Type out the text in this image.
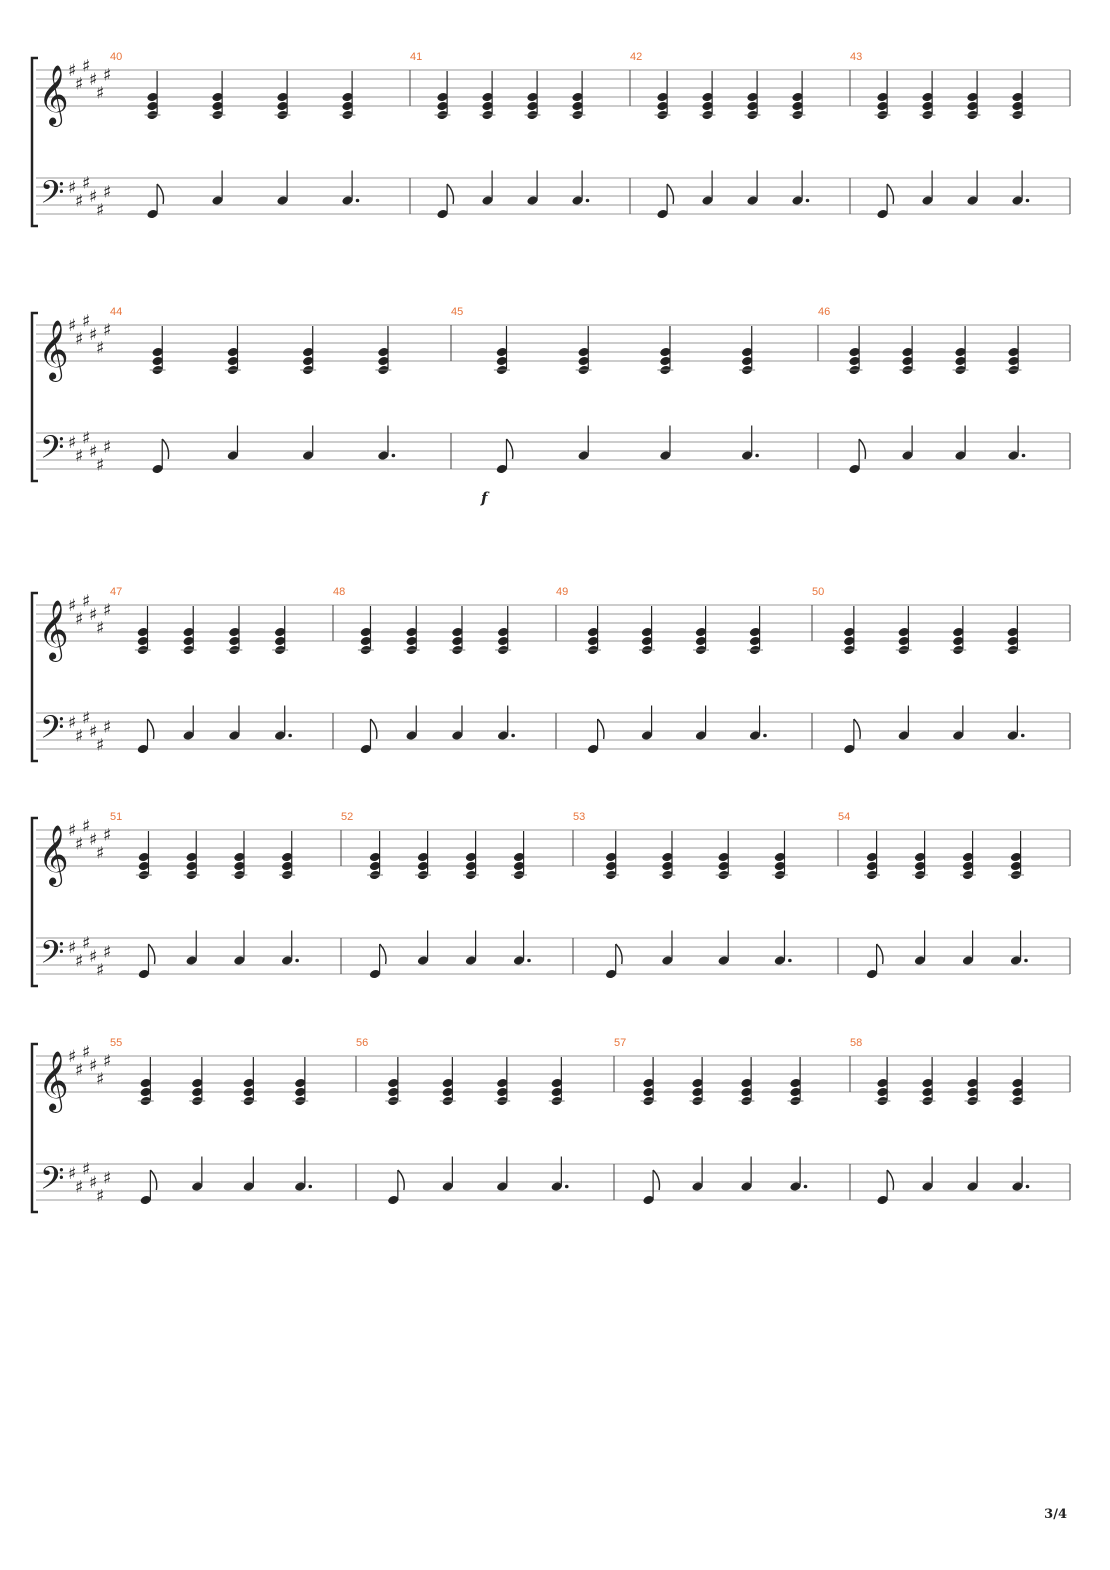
𝄞
𝄢
♯
♯
♯
♯
♯
♯
♯
♯
♯
♯
♯
♯
40	41	42	43
𝄞
𝄢
♯
♯
♯
♯
♯
♯
♯
♯
♯
♯
♯
♯
44	45	46
f
𝄞
𝄢
♯
♯
♯
♯
♯
♯
♯
♯
♯
♯
♯
♯
47	48	49	50
𝄞
𝄢
♯
♯
♯
♯
♯
♯
♯
♯
♯
♯
♯
♯
51	52	53	54
𝄞
𝄢
♯
♯
♯
♯
♯
♯
♯
♯
♯
♯
♯
♯
55	56	57	58
3/4
